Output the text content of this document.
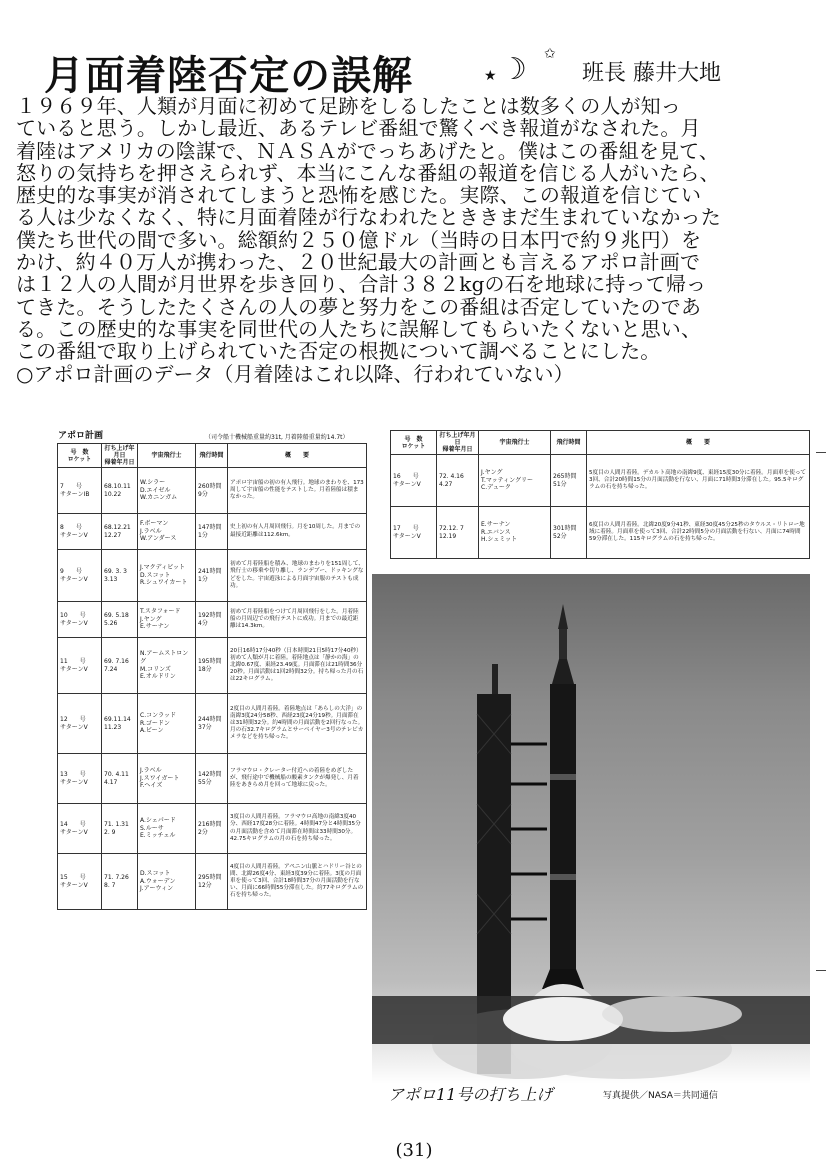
月面着陸否定の誤解	★ ☽ ✩
班長 藤井大地
１９６９年、人類が月面に初めて足跡をしるしたことは数多くの人が知っ
ていると思う。しかし最近、あるテレビ番組で驚くべき報道がなされた。月
着陸はアメリカの陰謀で、ＮＡＳＡがでっちあげたと。僕はこの番組を見て、
怒りの気持ちを押さえられず、本当にこんな番組の報道を信じる人がいたら、
歴史的な事実が消されてしまうと恐怖を感じた。実際、この報道を信じてい
る人は少なくなく、特に月面着陸が行なわれたとききまだ生まれていなかった
僕たち世代の間で多い。総額約２５０億ドル（当時の日本円で約９兆円）を
かけ、約４０万人が携わった、２０世紀最大の計画とも言えるアポロ計画で
は１２人の人間が月世界を歩き回り、合計３８２kgの石を地球に持って帰っ
てきた。そうしたたくさんの人の夢と努力をこの番組は否定していたのであ
る。この歴史的な事実を同世代の人たちに誤解してもらいたくないと思い、
この番組で取り上げられていた否定の根拠について調べることにした。
○アポロ計画のデータ（月着陸はこれ以降、行われていない）
アポロ計画	（司令船十機械船重量約31t, 月着陸船重量約14.7t）
号　数
ロケット	打ち上げ年月日
帰着年月日	宇宙飛行士	飛行時間	概　　要
7　　号
サターンⅠB	68.10.11
10.22	W.シラー
D.エイゼル
W.カニンガム	260時間9分	アポロ宇宙船の初の有人飛行。地球のまわりを、173周して宇宙船の性能をテストした。月着陸船は積まなかった。
8　　号
サターンⅤ	68.12.21
12.27	F.ボーマン
J.ラベル
W.アンダース	147時間1分	史上初の有人月周回飛行。月を10周した。月までの最接近距離は112.6km。
9　　号
サターンⅤ	69. 3. 3
3.13	J.マクディビット
D.スコット
R.シュワイカート	241時間1分	初めて月着陸船を積み、地球のまわりを151周して、飛行士の移乗や切り離し、ランデブー、ドッキングなどをした。宇宙遊泳による月面宇宙服のテストも成功。
10　　号
サターンⅤ	69. 5.18
5.26	T.スタフォード
J.ヤング
E.サーナン	192時間4分	初めて月着陸船をつけて月周回飛行をした。月着陸船の月周辺での飛行テストに成功。月までの最近距離は14.3km。
11　　号
サターンⅤ	69. 7.16
7.24	N.アームストロング
M.コリンズ
E.オルドリン	195時間18分	20日16時17分40秒（日本時間21日5時17分40秒）初めて人類が月に着陸。着陸地点は「静かの海」の北緯0.67度、東経23.49度。月面滞在は21時間36分20秒。月面活動は1回2時間32分。持ち帰った月の石は22キログラム。
12　　号
サターンⅤ	69.11.14
11.23	C.コンラッド
R.ゴードン
A.ビーン	244時間37分	2度目の人間月着陸。着陸地点は「あらしの大洋」の南緯3度24分58秒、西経23度24分19秒。月面滞在は31時間32分。約4時間の月面活動を2回行なった。月の石32.7キログラムとサーベイヤー3号のテレビカメラなどを持ち帰った。
13　　号
サターンⅤ	70. 4.11
4.17	J.ラベル
J.スワイガート
F.ヘイズ	142時間55分	フラマウロ・クレーター付近への着陸をめざしたが、飛行途中で機械船の酸素タンクが爆発し、月着陸をあきらめ月を回って地球に戻った。
14　　号
サターンⅤ	71. 1.31
2. 9	A.シェパード
S.ルーサ
E.ミッチェル	216時間2分	3度目の人間月着陸。フラマウロ高地の南緯3度40分、西経17度28分に着陸。4時間47分と4時間35分の月面活動を含めて月面滞在時間は33時間30分。42.75キログラムの月の石を持ち帰った。
15　　号
サターンⅤ	71. 7.26
8. 7	D.スコット
A.ウォーデン
J.アーウィン	295時間12分	4度目の人間月着陸。アペニン山脈とハドリー谷との間、北緯26度4分、東経3度39分に着陸。3度の月面車を使って3回、合計18時間37分の月面活動を行ない、月面に66時間55分滞在した。約77キログラムの石を持ち帰った。
号　数
ロケット	打ち上げ年月日
帰着年月日	宇宙飛行士	飛行時間	概　　要
16　　号
サターンⅤ	72. 4.16
4.27	J.ヤング
T.マッティングリー
C.デューク	265時間51分	5度目の人間月着陸。デカルト高地の南緯9度、東経15度30分に着陸。月面車を使って3回、合計20時間15分の月面活動を行ない、月面に71時間3分滞在した。95.5キログラムの石を持ち帰った。
17　　号
サターンⅤ	72.12. 7
12.19	E.サーナン
R.エバンス
H.シュミット	301時間52分	6度目の人間月着陸。北緯20度9分41秒、東経30度45分25秒のタウルス・リトロー地域に着陸。月面車を使って3回、合計22時間5分の月面活動を行ない、月面に74時間59分滞在した。115キログラムの石を持ち帰った。
アポロ11号の打ち上げ	写真提供／NASA＝共同通信
(31)
